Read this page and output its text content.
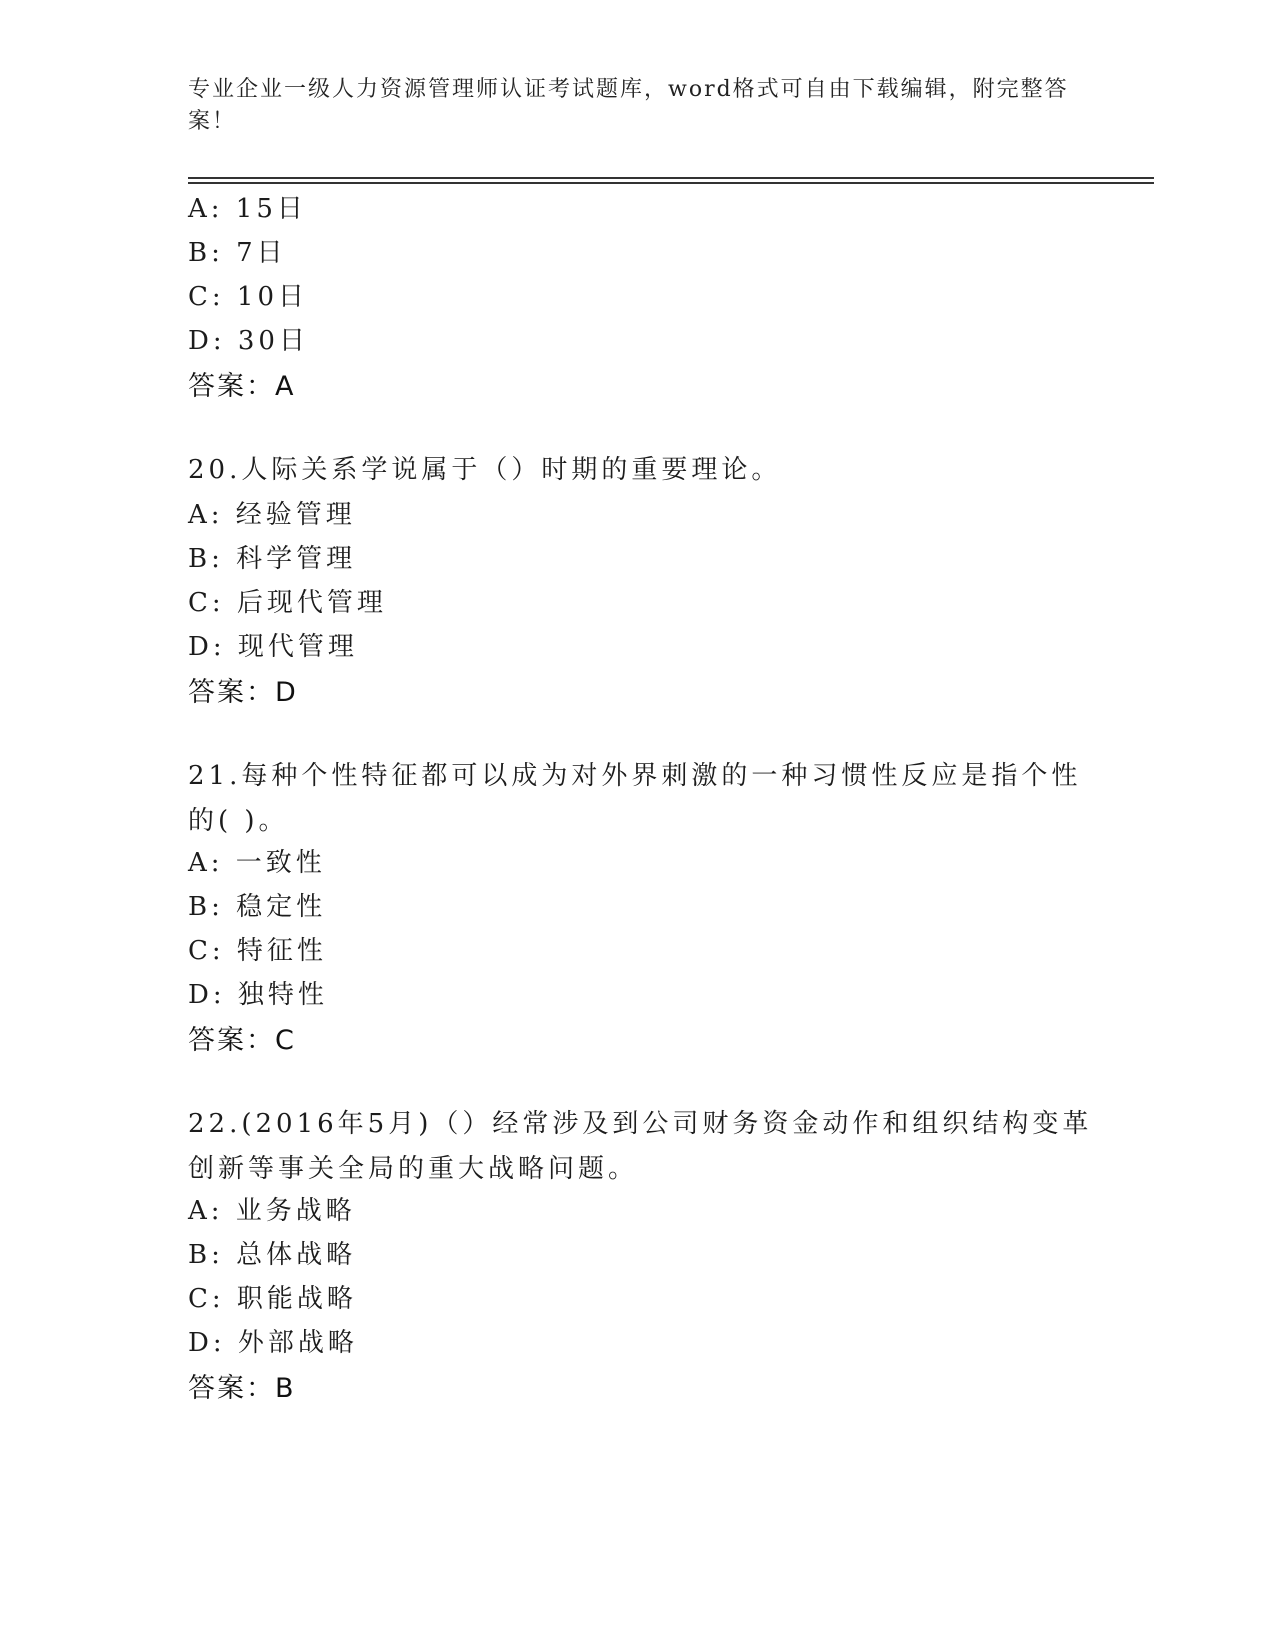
专业企业一级人力资源管理师认证考试题库，word格式可自由下载编辑，附完整答案！
A: 15日
B: 7日
C: 10日
D: 30日
答案：A
20.人际关系学说属于（）时期的重要理论。
A: 经验管理
B: 科学管理
C: 后现代管理
D: 现代管理
答案：D
21.每种个性特征都可以成为对外界刺激的一种习惯性反应是指个性的( )。
A: 一致性
B: 稳定性
C: 特征性
D: 独特性
答案：C
22.(2016年5月)（）经常涉及到公司财务资金动作和组织结构变革创新等事关全局的重大战略问题。
A: 业务战略
B: 总体战略
C: 职能战略
D: 外部战略
答案：B
